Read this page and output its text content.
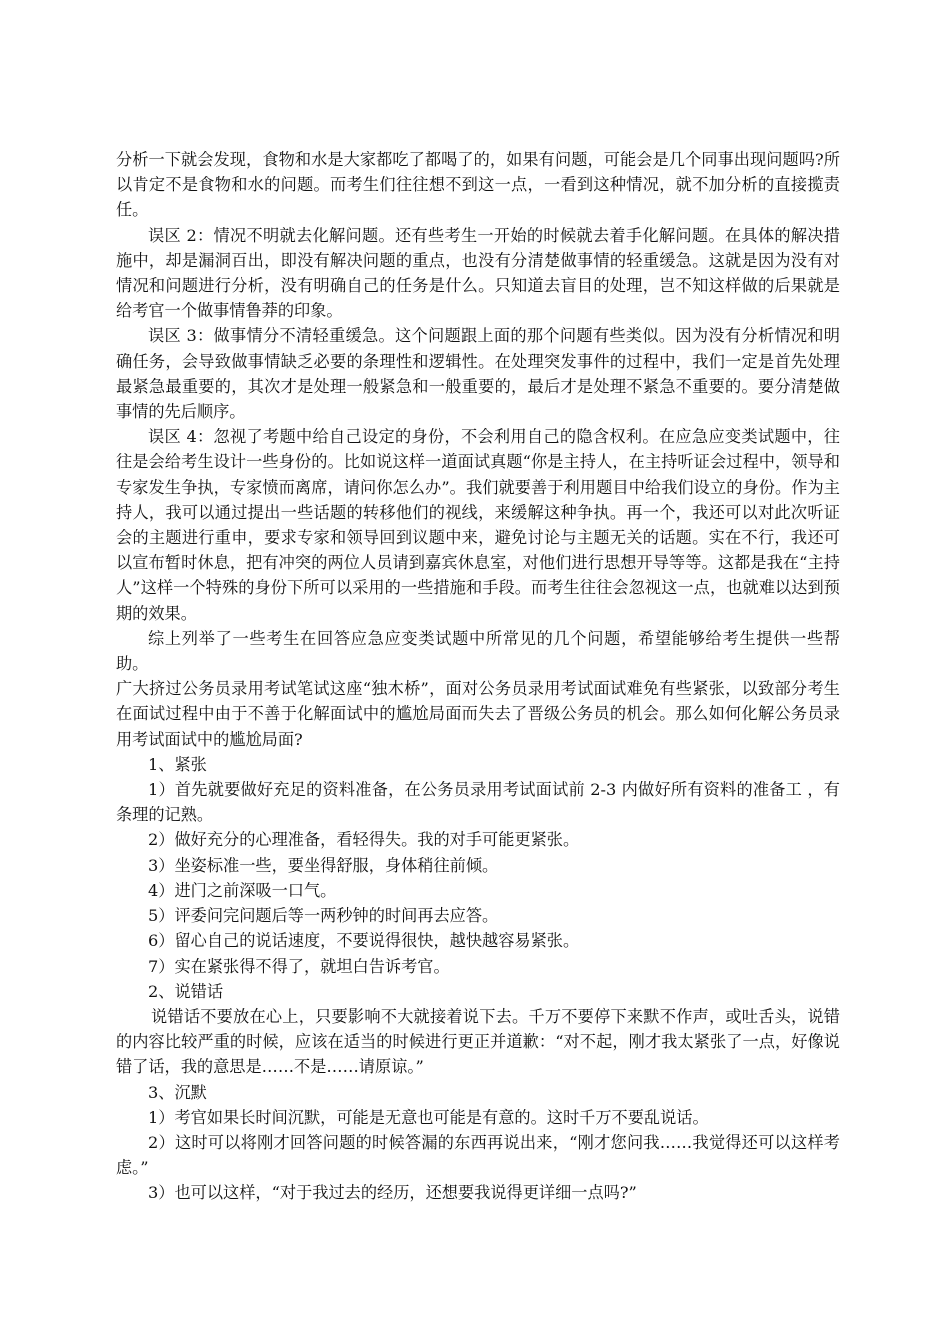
分析一下就会发现，食物和水是大家都吃了都喝了的，如果有问题，可能会是几个同事出现问题吗?所以肯定不是食物和水的问题。而考生们往往想不到这一点，一看到这种情况，就不加分析的直接揽责任。

误区 2：情况不明就去化解问题。还有些考生一开始的时候就去着手化解问题。在具体的解决措施中，却是漏洞百出，即没有解决问题的重点，也没有分清楚做事情的轻重缓急。这就是因为没有对情况和问题进行分析，没有明确自己的任务是什么。只知道去盲目的处理，岂不知这样做的后果就是给考官一个做事情鲁莽的印象。

误区 3：做事情分不清轻重缓急。这个问题跟上面的那个问题有些类似。因为没有分析情况和明确任务，会导致做事情缺乏必要的条理性和逻辑性。在处理突发事件的过程中，我们一定是首先处理最紧急最重要的，其次才是处理一般紧急和一般重要的，最后才是处理不紧急不重要的。要分清楚做事情的先后顺序。

误区 4：忽视了考题中给自己设定的身份，不会利用自己的隐含权利。在应急应变类试题中，往往是会给考生设计一些身份的。比如说这样一道面试真题“你是主持人，在主持听证会过程中，领导和专家发生争执，专家愤而离席，请问你怎么办”。我们就要善于利用题目中给我们设立的身份。作为主持人，我可以通过提出一些话题的转移他们的视线，来缓解这种争执。再一个，我还可以对此次听证会的主题进行重申，要求专家和领导回到议题中来，避免讨论与主题无关的话题。实在不行，我还可以宣布暂时休息，把有冲突的两位人员请到嘉宾休息室，对他们进行思想开导等等。这都是我在“主持人”这样一个特殊的身份下所可以采用的一些措施和手段。而考生往往会忽视这一点，也就难以达到预期的效果。

综上列举了一些考生在回答应急应变类试题中所常见的几个问题，希望能够给考生提供一些帮助。

广大挤过公务员录用考试笔试这座“独木桥”，面对公务员录用考试面试难免有些紧张，以致部分考生在面试过程中由于不善于化解面试中的尴尬局面而失去了晋级公务员的机会。那么如何化解公务员录用考试面试中的尴尬局面?

1、紧张

1）首先就要做好充足的资料准备，在公务员录用考试面试前 2-3 内做好所有资料的准备工 ，有条理的记熟。

2）做好充分的心理准备，看轻得失。我的对手可能更紧张。

3）坐姿标准一些，要坐得舒服，身体稍往前倾。

4）进门之前深吸一口气。

5）评委问完问题后等一两秒钟的时间再去应答。

6）留心自己的说话速度，不要说得很快，越快越容易紧张。

7）实在紧张得不得了，就坦白告诉考官。

2、说错话

说错话不要放在心上，只要影响不大就接着说下去。千万不要停下来默不作声，或吐舌头，说错的内容比较严重的时候，应该在适当的时候进行更正并道歉：“对不起，刚才我太紧张了一点，好像说错了话，我的意思是……不是……请原谅。”

3、沉默

1）考官如果长时间沉默，可能是无意也可能是有意的。这时千万不要乱说话。

2）这时可以将刚才回答问题的时候答漏的东西再说出来，“刚才您问我……我觉得还可以这样考虑。”

3）也可以这样，“对于我过去的经历，还想要我说得更详细一点吗?”
